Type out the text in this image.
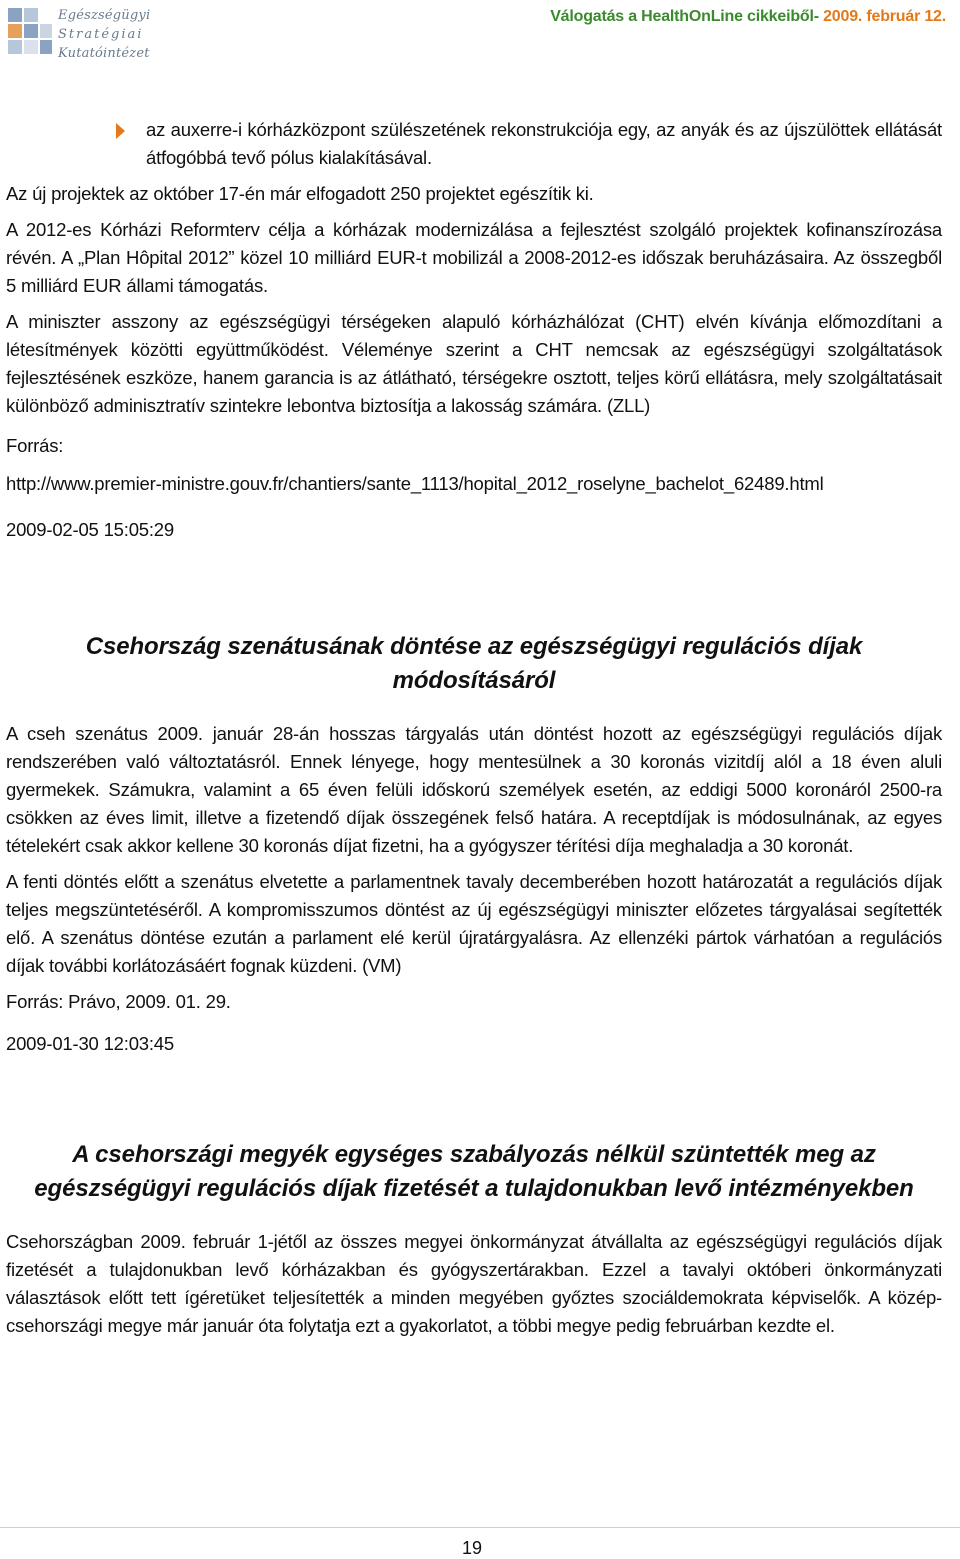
Egészségügyi
Stratégiai
Kutatóintézet
Válogatás a HealthOnLine cikkeiből- 2009. február 12.

az auxerre-i kórházközpont szülészetének rekonstrukciója egy, az anyák és az újszülöttek ellátását átfogóbbá tevő pólus kialakításával.

Az új projektek az október 17-én már elfogadott 250 projektet egészítik ki.

A 2012-es Kórházi Reformterv célja a kórházak modernizálása a fejlesztést szolgáló projektek kofinanszírozása révén. A „Plan Hôpital 2012” közel 10 milliárd EUR-t mobilizál a 2008-2012-es időszak beruházásaira. Az összegből 5 milliárd EUR állami támogatás.

A miniszter asszony az egészségügyi térségeken alapuló kórházhálózat (CHT) elvén kívánja előmozdítani a létesítmények közötti együttműködést. Véleménye szerint a CHT nemcsak az egészségügyi szolgáltatások fejlesztésének eszköze, hanem garancia is az átlátható, térségekre osztott, teljes körű ellátásra, mely szolgáltatásait különböző adminisztratív szintekre lebontva biztosítja a lakosság számára. (ZLL)

Forrás:

http://www.premier-ministre.gouv.fr/chantiers/sante_1113/hopital_2012_roselyne_bachelot_62489.html

2009-02-05 15:05:29

Csehország szenátusának döntése az egészségügyi regulációs díjak módosításáról

A cseh szenátus 2009. január 28-án hosszas tárgyalás után döntést hozott az egészségügyi regulációs díjak rendszerében való változtatásról. Ennek lényege, hogy mentesülnek a 30 koronás vizitdíj alól a 18 éven aluli gyermekek. Számukra, valamint a 65 éven felüli időskorú személyek esetén, az eddigi 5000 koronáról 2500-ra csökken az éves limit, illetve a fizetendő díjak összegének felső határa. A receptdíjak is módosulnának, az egyes tételekért csak akkor kellene 30 koronás díjat fizetni, ha a gyógyszer térítési díja meghaladja a 30 koronát.

A fenti döntés előtt a szenátus elvetette a parlamentnek tavaly decemberében hozott határozatát a regulációs díjak teljes megszüntetéséről. A kompromisszumos döntést az új egészségügyi miniszter előzetes tárgyalásai segítették elő. A szenátus döntése ezután a parlament elé kerül újratárgyalásra. Az ellenzéki pártok várhatóan a regulációs díjak további korlátozásáért fognak küzdeni. (VM)

Forrás: Právo, 2009. 01. 29.

2009-01-30 12:03:45

A csehországi megyék egységes szabályozás nélkül szüntették meg az egészségügyi regulációs díjak fizetését a tulajdonukban levő intézményekben

Csehországban 2009. február 1-jétől az összes megyei önkormányzat átvállalta az egészségügyi regulációs díjak fizetését a tulajdonukban levő kórházakban és gyógyszertárakban. Ezzel a tavalyi októberi önkormányzati választások előtt tett ígéretüket teljesítették a minden megyében győztes szociáldemokrata képviselők. A közép-csehországi megye már január óta folytatja ezt a gyakorlatot, a többi megye pedig februárban kezdte el.

19
